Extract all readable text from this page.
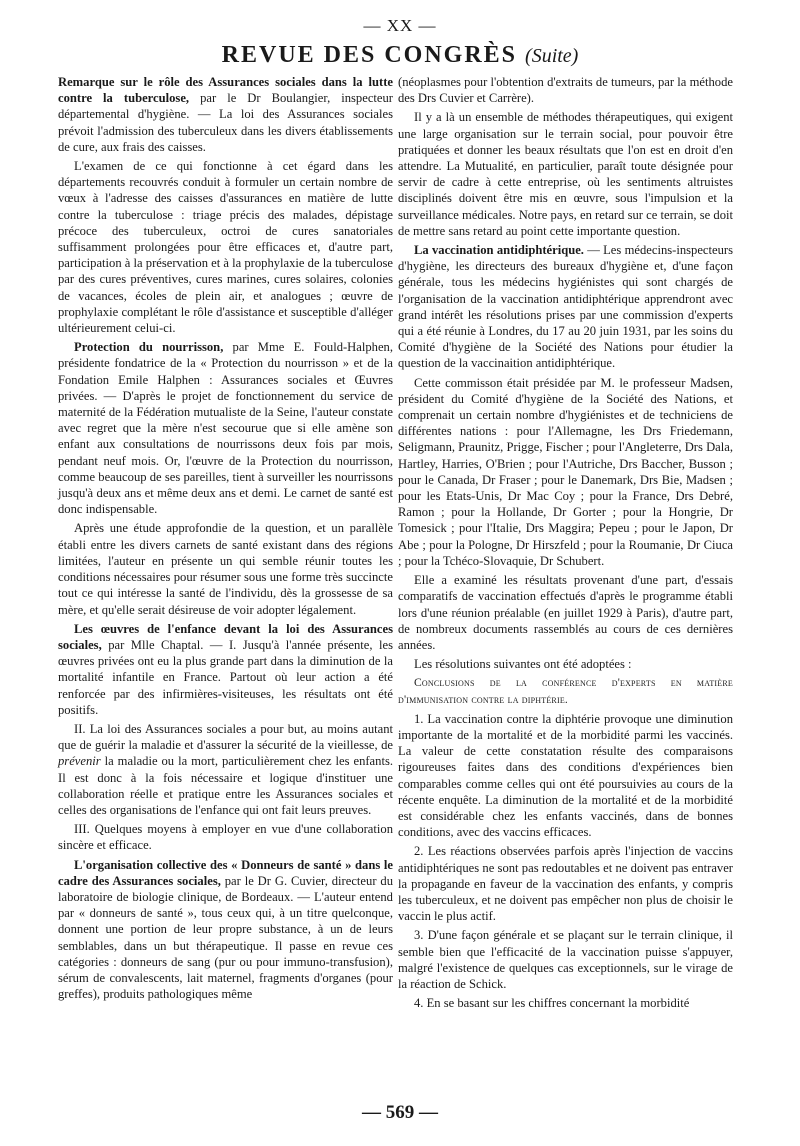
— XX —
REVUE DES CONGRÈS (Suite)

Remarque sur le rôle des Assurances sociales dans la lutte contre la tuberculose, par le Dr Boulangier, inspecteur départemental d'hygiène. — La loi des Assurances sociales prévoit l'admission des tuberculeux dans les divers établissements de cure, aux frais des caisses.

L'examen de ce qui fonctionne à cet égard dans les départements recouvrés conduit à formuler un certain nombre de vœux à l'adresse des caisses d'assurances en matière de lutte contre la tuberculose : triage précis des malades, dépistage précoce des tuberculeux, octroi de cures sanatoriales suffisamment prolongées pour être efficaces et, d'autre part, participation à la préservation et à la prophylaxie de la tuberculose par des cures préventives, cures marines, cures solaires, colonies de vacances, écoles de plein air, et analogues ; œuvre de prophylaxie complétant le rôle d'assistance et susceptible d'alléger ultérieurement celui-ci.

Protection du nourrisson, par Mme E. Fould-Halphen, présidente fondatrice de la « Protection du nourrisson » et de la Fondation Emile Halphen : Assurances sociales et Œuvres privées. — D'après le projet de fonctionnement du service de maternité de la Fédération mutualiste de la Seine, l'auteur constate avec regret que la mère n'est secourue que si elle amène son enfant aux consultations de nourrissons deux fois par mois, pendant neuf mois. Or, l'œuvre de la Protection du nourrisson, comme beaucoup de ses pareilles, tient à surveiller les nourrissons jusqu'à deux ans et même deux ans et demi. Le carnet de santé est donc indispensable.

Après une étude approfondie de la question, et un parallèle établi entre les divers carnets de santé existant dans des régions limitées, l'auteur en présente un qui semble réunir toutes les conditions nécessaires pour résumer sous une forme très succincte tout ce qui intéresse la santé de l'individu, dès la grossesse de sa mère, et qu'elle serait désireuse de voir adopter légalement.

Les œuvres de l'enfance devant la loi des Assurances sociales, par Mlle Chaptal. — I. Jusqu'à l'année présente, les œuvres privées ont eu la plus grande part dans la diminution de la mortalité infantile en France. Partout où leur action a été renforcée par des infirmières-visiteuses, les résultats ont été positifs.

II. La loi des Assurances sociales a pour but, au moins autant que de guérir la maladie et d'assurer la sécurité de la vieillesse, de prévenir la maladie ou la mort, particulièrement chez les enfants. Il est donc à la fois nécessaire et logique d'instituer une collaboration réelle et pratique entre les Assurances sociales et celles des organisations de l'enfance qui ont fait leurs preuves.

III. Quelques moyens à employer en vue d'une collaboration sincère et efficace.

L'organisation collective des « Donneurs de santé » dans le cadre des Assurances sociales, par le Dr G. Cuvier, directeur du laboratoire de biologie clinique, de Bordeaux. — L'auteur entend par « donneurs de santé », tous ceux qui, à un titre quelconque, donnent une portion de leur propre substance, à un de leurs semblables, dans un but thérapeutique. Il passe en revue ces catégories : donneurs de sang (pur ou pour immuno-transfusion), sérum de convalescents, lait maternel, fragments d'organes (pour greffes), produits pathologiques même

(néoplasmes pour l'obtention d'extraits de tumeurs, par la méthode des Drs Cuvier et Carrère).

Il y a là un ensemble de méthodes thérapeutiques, qui exigent une large organisation sur le terrain social, pour pouvoir être pratiquées et donner les beaux résultats que l'on est en droit d'en attendre. La Mutualité, en particulier, paraît toute désignée pour servir de cadre à cette entreprise, où les sentiments altruistes disciplinés doivent être mis en œuvre, sous l'impulsion et la surveillance médicales. Notre pays, en retard sur ce terrain, se doit de mettre sans retard au point cette importante question.

La vaccination antidiphtérique. — Les médecins-inspecteurs d'hygiène, les directeurs des bureaux d'hygiène et, d'une façon générale, tous les médecins hygiénistes qui sont chargés de l'organisation de la vaccination antidiphtérique apprendront avec grand intérêt les résolutions prises par une commission d'experts qui a été réunie à Londres, du 17 au 20 juin 1931, par les soins du Comité d'hygiène de la Société des Nations pour étudier la question de la vaccinaition antidiphtérique.

Cette commisson était présidée par M. le professeur Madsen, président du Comité d'hygiène de la Société des Nations, et comprenait un certain nombre d'hygiénistes et de techniciens de différentes nations : pour l'Allemagne, les Drs Friedemann, Seligmann, Praunitz, Prigge, Fischer ; pour l'Angleterre, Drs Dala, Hartley, Harries, O'Brien ; pour l'Autriche, Drs Baccher, Busson ; pour le Canada, Dr Fraser ; pour le Danemark, Drs Bie, Madsen ; pour les Etats-Unis, Dr Mac Coy ; pour la France, Drs Debré, Ramon ; pour la Hollande, Dr Gorter ; pour la Hongrie, Dr Tomesick ; pour l'Italie, Drs Maggira; Pepeu ; pour le Japon, Dr Abe ; pour la Pologne, Dr Hirszfeld ; pour la Roumanie, Dr Ciuca ; pour la Tchéco-Slovaquie, Dr Schubert.

Elle a examiné les résultats provenant d'une part, d'essais comparatifs de vaccination effectués d'après le programme établi lors d'une réunion préalable (en juillet 1929 à Paris), d'autre part, de nombreux documents rassemblés au cours de ces dernières années.

Les résolutions suivantes ont été adoptées :

Conclusions de la conférence d'experts en matière d'immunisation contre la diphtérie.

1. La vaccination contre la diphtérie provoque une diminution importante de la mortalité et de la morbidité parmi les vaccinés. La valeur de cette constatation résulte des comparaisons rigoureuses faites dans des conditions d'expériences bien comparables comme celles qui ont été poursuivies au cours de la récente enquête. La diminution de la mortalité et de la morbidité est considérable chez les enfants vaccinés, dans de bonnes conditions, avec des vaccins efficaces.

2. Les réactions observées parfois après l'injection de vaccins antidiphtériques ne sont pas redoutables et ne doivent pas entraver la propagande en faveur de la vaccination des enfants, y compris les tuberculeux, et ne doivent pas empêcher non plus de choisir le vaccin le plus actif.

3. D'une façon générale et se plaçant sur le terrain clinique, il semble bien que l'efficacité de la vaccination puisse s'appuyer, malgré l'existence de quelques cas exceptionnels, sur le virage de la réaction de Schick.

4. En se basant sur les chiffres concernant la morbidité

— 569 —
